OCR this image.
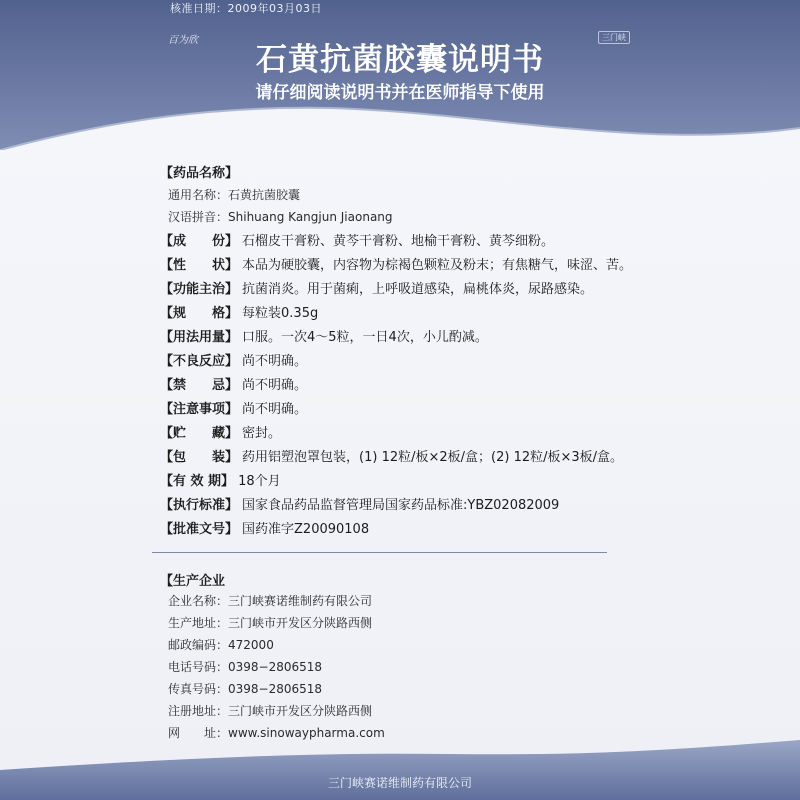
核准日期：2009年03月03日
百为欣	三门峡
石黄抗菌胶囊说明书
请仔细阅读说明书并在医师指导下使用
【药品名称】
通用名称：石黄抗菌胶囊
汉语拼音：Shihuang Kangjun Jiaonang
【成　　份】 石榴皮干膏粉、黄芩干膏粉、地榆干膏粉、黄芩细粉。
【性　　状】 本品为硬胶囊，内容物为棕褐色颗粒及粉末；有焦糖气，味涩、苦。
【功能主治】 抗菌消炎。用于菌痢，上呼吸道感染，扁桃体炎，尿路感染。
【规　　格】 每粒装0.35g
【用法用量】 口服。一次4～5粒，一日4次，小儿酌减。
【不良反应】 尚不明确。
【禁　　忌】 尚不明确。
【注意事项】 尚不明确。
【贮　　藏】 密封。
【包　　装】 药用铝塑泡罩包装，(1) 12粒/板×2板/盒；(2) 12粒/板×3板/盒。
【有 效 期】 18个月
【执行标准】 国家食品药品监督管理局国家药品标准:YBZ02082009
【批准文号】 国药准字Z20090108
【生产企业
企业名称：三门峡赛诺维制药有限公司
生产地址：三门峡市开发区分陕路西侧
邮政编码：472000
电话号码：0398−2806518
传真号码：0398−2806518
注册地址：三门峡市开发区分陕路西侧
网　　址：www.sinowaypharma.com
三门峡赛诺维制药有限公司
